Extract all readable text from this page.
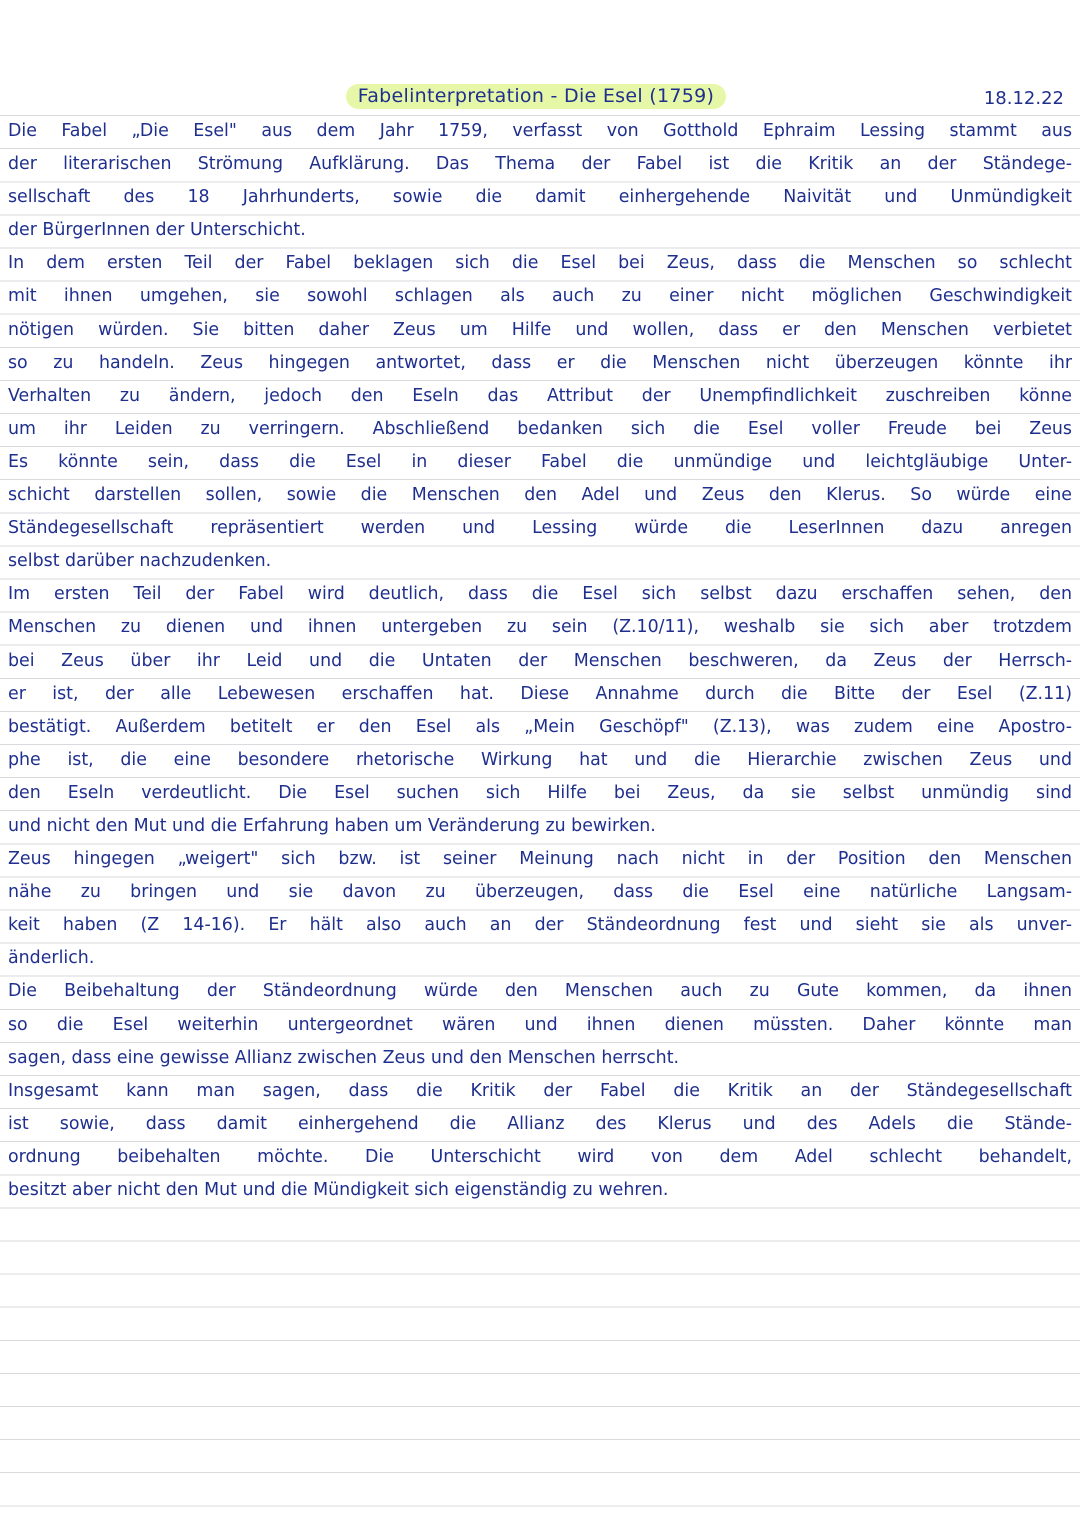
Fabelinterpretation - Die Esel (1759)	18.12.22
Die Fabel „Die Esel" aus dem Jahr 1759, verfasst von Gotthold Ephraim Lessing stammt aus
der literarischen Strömung Aufklärung. Das Thema der Fabel ist die Kritik an der Ständege-
sellschaft des 18 Jahrhunderts, sowie die damit einhergehende Naivität und Unmündigkeit
der BürgerInnen der Unterschicht.
In dem ersten Teil der Fabel beklagen sich die Esel bei Zeus, dass die Menschen so schlecht
mit ihnen umgehen, sie sowohl schlagen als auch zu einer nicht möglichen Geschwindigkeit
nötigen würden. Sie bitten daher Zeus um Hilfe und wollen, dass er den Menschen verbietet
so zu handeln. Zeus hingegen antwortet, dass er die Menschen nicht überzeugen könnte ihr
Verhalten zu ändern, jedoch den Eseln das Attribut der Unempfindlichkeit zuschreiben könne
um ihr Leiden zu verringern. Abschließend bedanken sich die Esel voller Freude bei Zeus
Es könnte sein, dass die Esel in dieser Fabel die unmündige und leichtgläubige Unter-
schicht darstellen sollen, sowie die Menschen den Adel und Zeus den Klerus. So würde eine
Ständegesellschaft repräsentiert werden und Lessing würde die LeserInnen dazu anregen
selbst darüber nachzudenken.
Im ersten Teil der Fabel wird deutlich, dass die Esel sich selbst dazu erschaffen sehen, den
Menschen zu dienen und ihnen untergeben zu sein (Z.10/11), weshalb sie sich aber trotzdem
bei Zeus über ihr Leid und die Untaten der Menschen beschweren, da Zeus der Herrsch-
er ist, der alle Lebewesen erschaffen hat. Diese Annahme durch die Bitte der Esel (Z.11)
bestätigt. Außerdem betitelt er den Esel als „Mein Geschöpf" (Z.13), was zudem eine Apostro-
phe ist, die eine besondere rhetorische Wirkung hat und die Hierarchie zwischen Zeus und
den Eseln verdeutlicht. Die Esel suchen sich Hilfe bei Zeus, da sie selbst unmündig sind
und nicht den Mut und die Erfahrung haben um Veränderung zu bewirken.
Zeus hingegen „weigert" sich bzw. ist seiner Meinung nach nicht in der Position den Menschen
nähe zu bringen und sie davon zu überzeugen, dass die Esel eine natürliche Langsam-
keit haben (Z 14-16). Er hält also auch an der Ständeordnung fest und sieht sie als unver-
änderlich.
Die Beibehaltung der Ständeordnung würde den Menschen auch zu Gute kommen, da ihnen
so die Esel weiterhin untergeordnet wären und ihnen dienen müssten. Daher könnte man
sagen, dass eine gewisse Allianz zwischen Zeus und den Menschen herrscht.
Insgesamt kann man sagen, dass die Kritik der Fabel die Kritik an der Ständegesellschaft
ist sowie, dass damit einhergehend die Allianz des Klerus und des Adels die Stände-
ordnung beibehalten möchte. Die Unterschicht wird von dem Adel schlecht behandelt,
besitzt aber nicht den Mut und die Mündigkeit sich eigenständig zu wehren.
